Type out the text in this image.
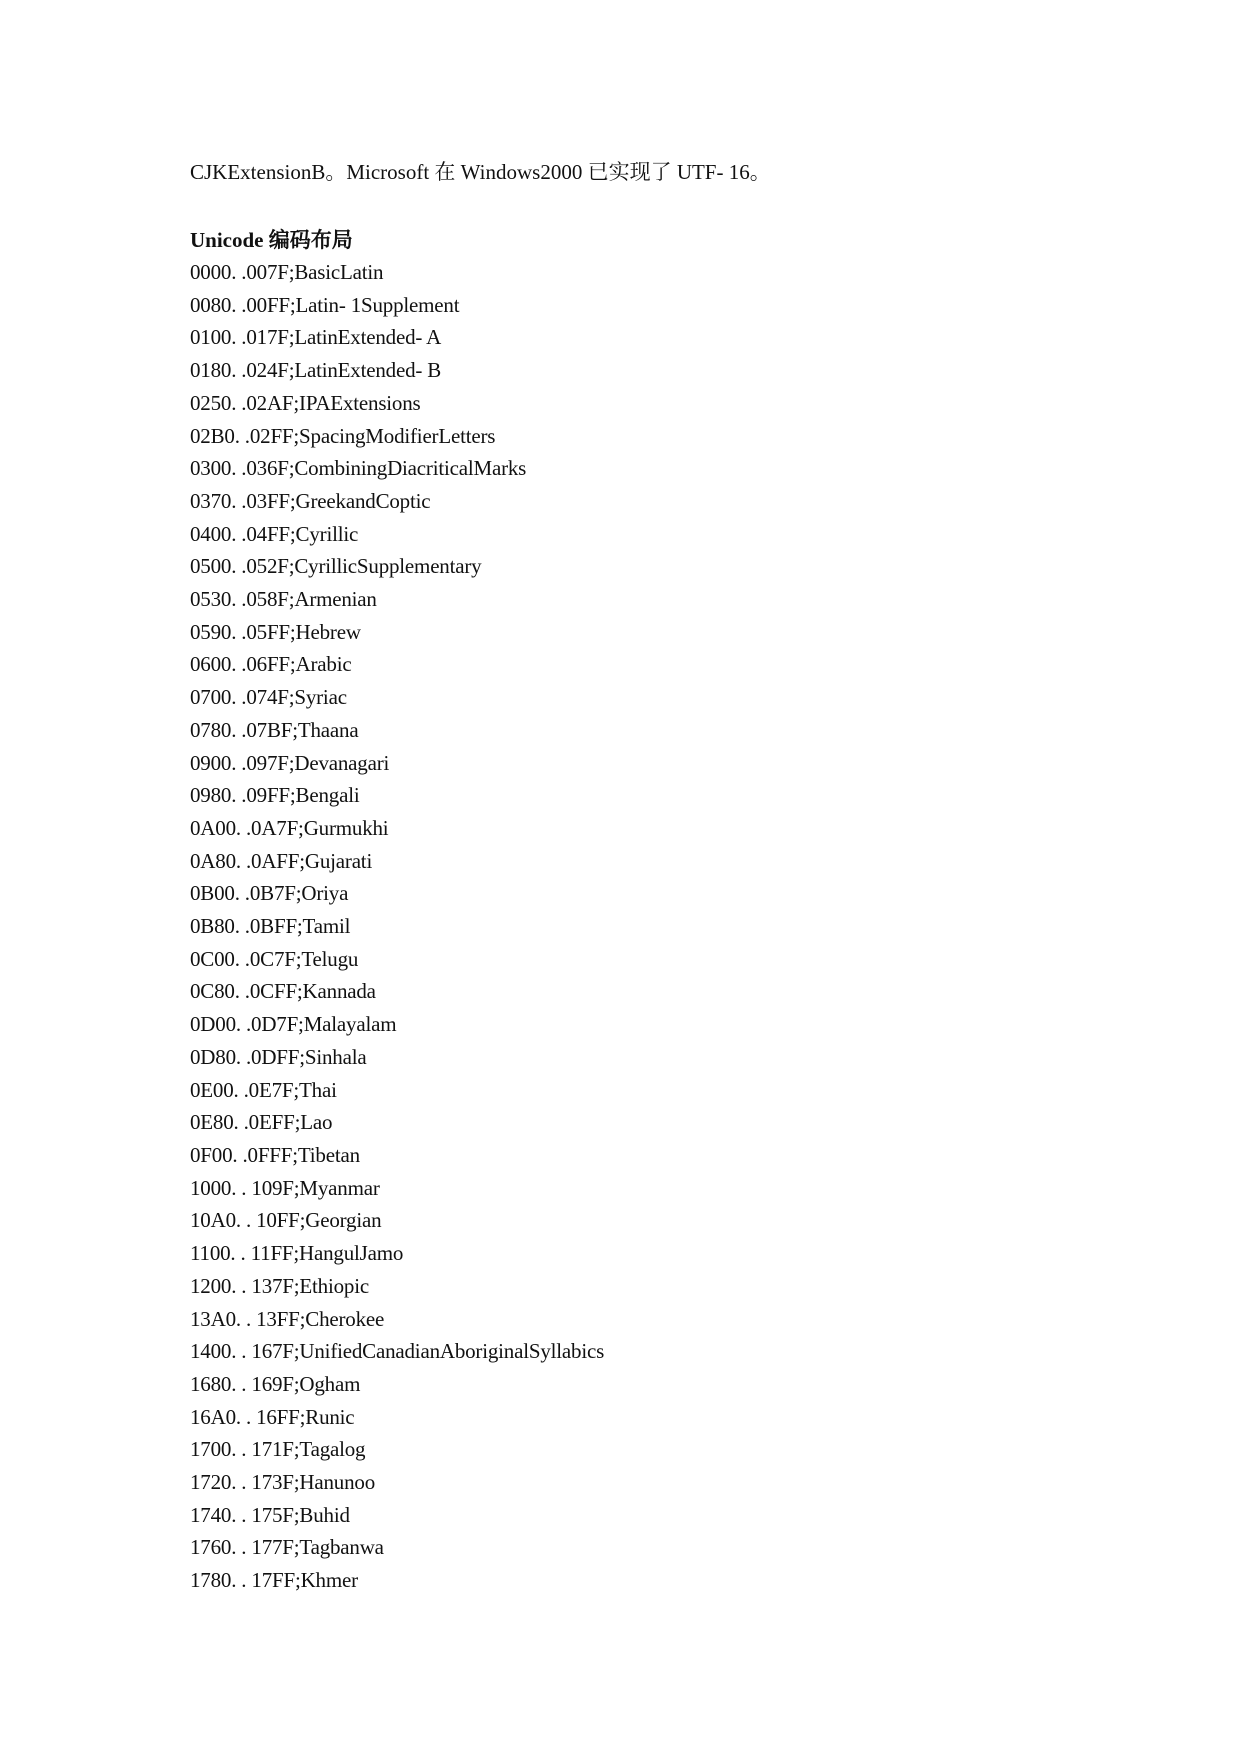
CJKExtensionB。Microsoft 在 Windows2000 已实现了 UTF- 16。
Unicode 编码布局
0000. .007F;BasicLatin
0080. .00FF;Latin- 1Supplement
0100. .017F;LatinExtended- A
0180. .024F;LatinExtended- B
0250. .02AF;IPAExtensions
02B0. .02FF;SpacingModifierLetters
0300. .036F;CombiningDiacriticalMarks
0370. .03FF;GreekandCoptic
0400. .04FF;Cyrillic
0500. .052F;CyrillicSupplementary
0530. .058F;Armenian
0590. .05FF;Hebrew
0600. .06FF;Arabic
0700. .074F;Syriac
0780. .07BF;Thaana
0900. .097F;Devanagari
0980. .09FF;Bengali
0A00. .0A7F;Gurmukhi
0A80. .0AFF;Gujarati
0B00. .0B7F;Oriya
0B80. .0BFF;Tamil
0C00. .0C7F;Telugu
0C80. .0CFF;Kannada
0D00. .0D7F;Malayalam
0D80. .0DFF;Sinhala
0E00. .0E7F;Thai
0E80. .0EFF;Lao
0F00. .0FFF;Tibetan
1000. . 109F;Myanmar
10A0. . 10FF;Georgian
1100. . 11FF;HangulJamo
1200. . 137F;Ethiopic
13A0. . 13FF;Cherokee
1400. . 167F;UnifiedCanadianAboriginalSyllabics
1680. . 169F;Ogham
16A0. . 16FF;Runic
1700. . 171F;Tagalog
1720. . 173F;Hanunoo
1740. . 175F;Buhid
1760. . 177F;Tagbanwa
1780. . 17FF;Khmer
